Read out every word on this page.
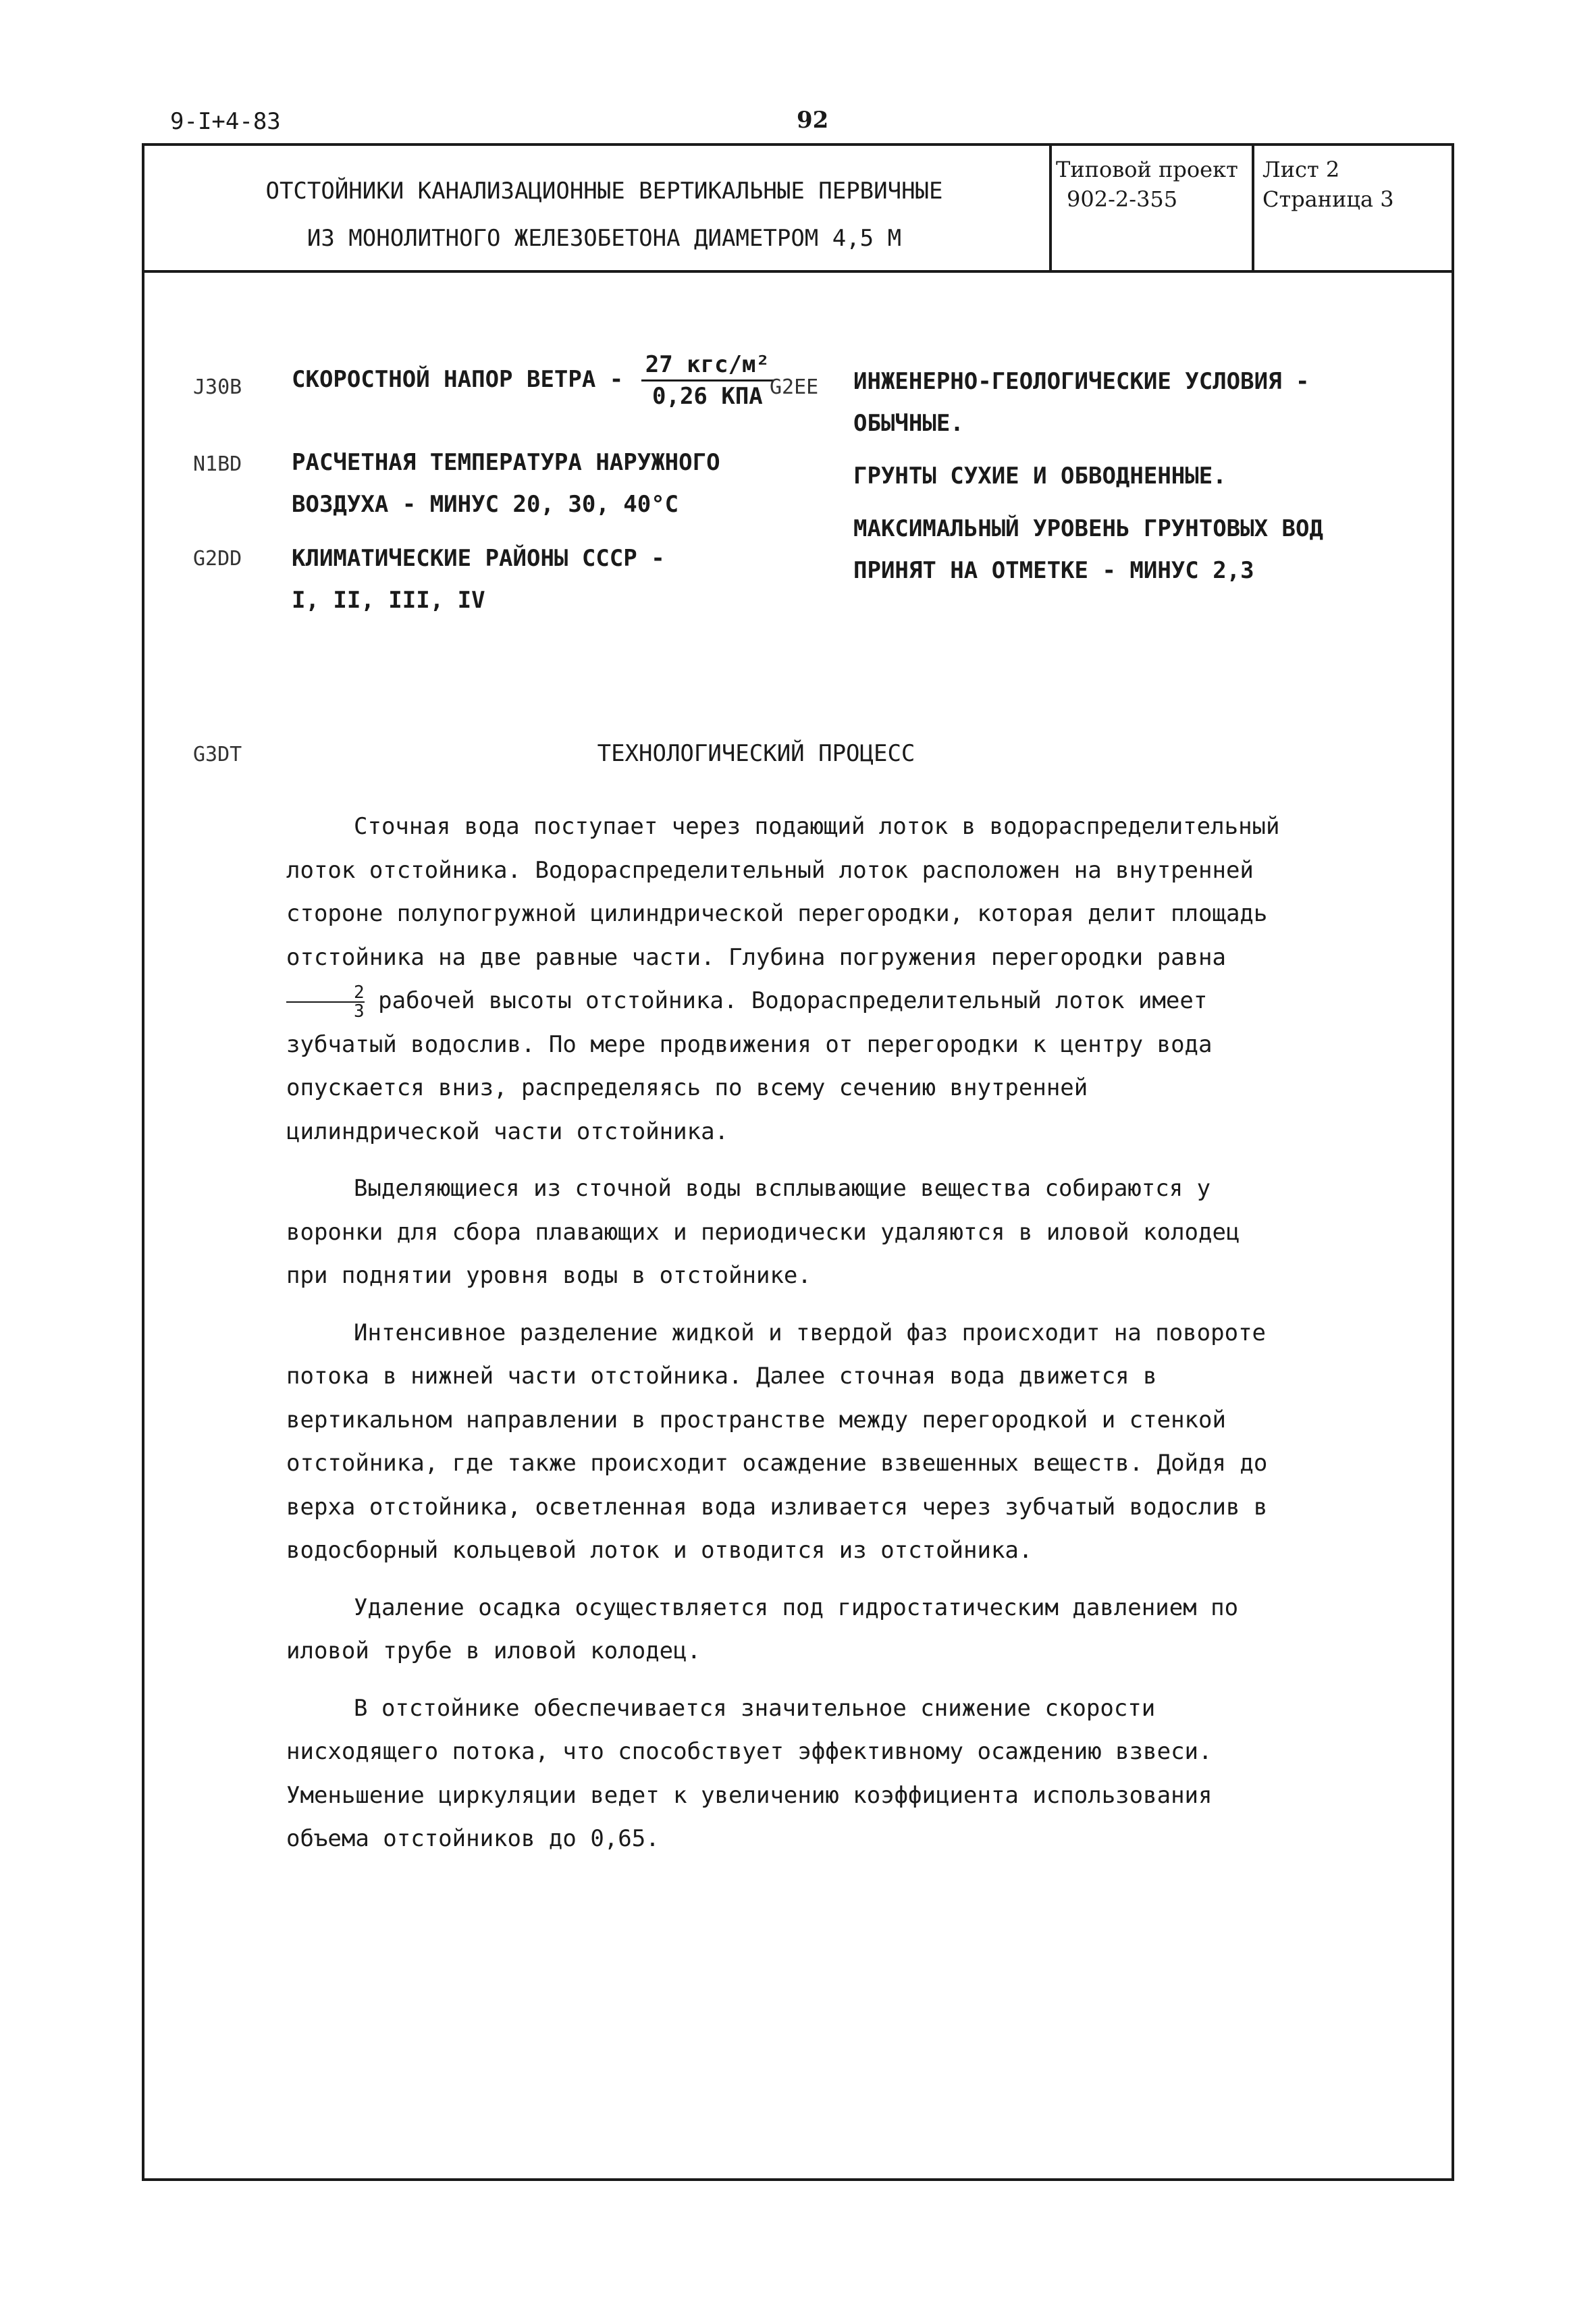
9-I+4-83	92
ОТСТОЙНИКИ КАНАЛИЗАЦИОННЫЕ ВЕРТИКАЛЬНЫЕ ПЕРВИЧНЫЕ
ИЗ МОНОЛИТНОГО ЖЕЛЕЗОБЕТОНА ДИАМЕТРОМ 4,5 М
Типовой проект
902-2-355
Лист 2
Страница 3
J30B СКОРОСТНОЙ НАПОР ВЕТРА - $\frac{\text{27 кгс/м²}}{\text{0,26 КПА}}$
N1BD РАСЧЕТНАЯ ТЕМПЕРАТУРА НАРУЖНОГО
ВОЗДУХА - МИНУС 20, 30, 40°С
G2DD КЛИМАТИЧЕСКИЕ РАЙОНЫ СССР -
I, II, III, IV
G2EE ИНЖЕНЕРНО-ГЕОЛОГИЧЕСКИЕ УСЛОВИЯ -
ОБЫЧНЫЕ.
ГРУНТЫ СУХИЕ И ОБВОДНЕННЫЕ.
МАКСИМАЛЬНЫЙ УРОВЕНЬ ГРУНТОВЫХ ВОД
ПРИНЯТ НА ОТМЕТКЕ - МИНУС 2,3
G3DT	ТЕХНОЛОГИЧЕСКИЙ ПРОЦЕСС

Сточная вода поступает через подающий лоток в водораспределительный лоток отстойника. Водораспределительный лоток расположен на внутренней стороне полупогружной цилиндрической перегородки, которая делит площадь отстойника на две равные части. Глубина погружения перегородки равна
$\frac{2}{3}$ рабочей высоты отстойника. Водораспределительный лоток имеет зубчатый водослив. По мере продвижения от перегородки к центру вода опускается вниз, распределяясь по всему сечению внутренней цилиндрической части отстойника.

Выделяющиеся из сточной воды всплывающие вещества собираются у воронки для сбора плавающих и периодически удаляются в иловой колодец при поднятии уровня воды в отстойнике.

Интенсивное разделение жидкой и твердой фаз происходит на повороте потока в нижней части отстойника. Далее сточная вода движется в вертикальном направлении в пространстве между перегородкой и стенкой отстойника, где также происходит осаждение взвешенных веществ. Дойдя до верха отстойника, осветленная вода изливается через зубчатый водослив в водосборный кольцевой лоток и отводится из отстойника.

Удаление осадка осуществляется под гидростатическим давлением по иловой трубе в иловой колодец.

В отстойнике обеспечивается значительное снижение скорости нисходящего потока, что способствует эффективному осаждению взвеси. Уменьшение циркуляции ведет к увеличению коэффициента использования объема отстойников до 0,65.
